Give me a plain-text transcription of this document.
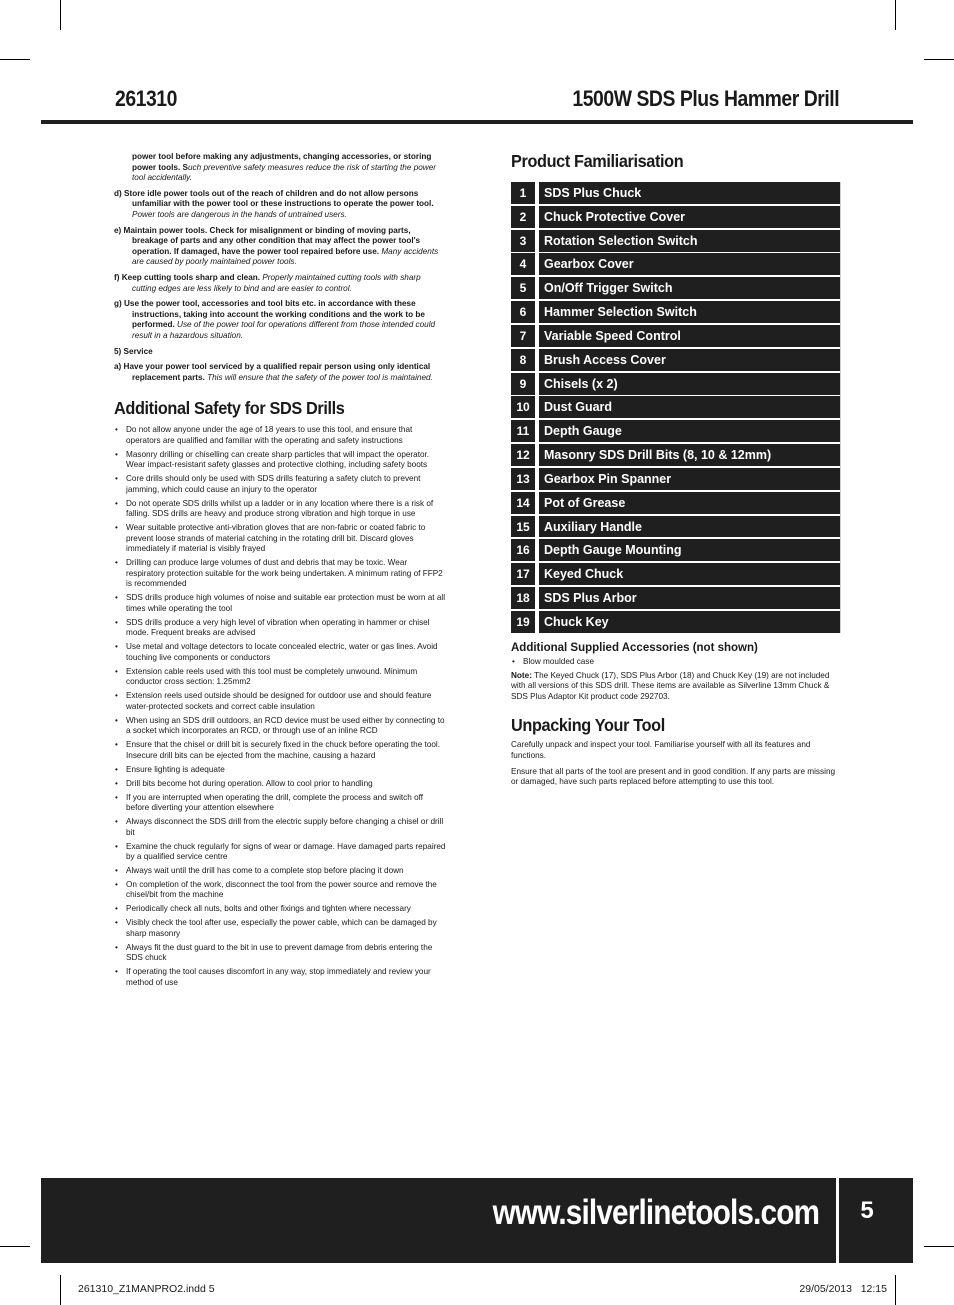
261310	1500W SDS Plus Hammer Drill

power tool before making any adjustments, changing accessories, or storing power tools. Such preventive safety measures reduce the risk of starting the power tool accidentally.

d) Store idle power tools out of the reach of children and do not allow persons unfamiliar with the power tool or these instructions to operate the power tool. Power tools are dangerous in the hands of untrained users.

e) Maintain power tools. Check for misalignment or binding of moving parts, breakage of parts and any other condition that may affect the power tool's operation. If damaged, have the power tool repaired before use. Many accidents are caused by poorly maintained power tools.

f) Keep cutting tools sharp and clean. Properly maintained cutting tools with sharp cutting edges are less likely to bind and are easier to control.

g) Use the power tool, accessories and tool bits etc. in accordance with these instructions, taking into account the working conditions and the work to be performed. Use of the power tool for operations different from those intended could result in a hazardous situation.

5) Service

a) Have your power tool serviced by a qualified repair person using only identical replacement parts. This will ensure that the safety of the power tool is maintained.

Additional Safety for SDS Drills
• Do not allow anyone under the age of 18 years to use this tool, and ensure that operators are qualified and familiar with the operating and safety instructions
• Masonry drilling or chiselling can create sharp particles that will impact the operator. Wear impact-resistant safety glasses and protective clothing, including safety boots
• Core drills should only be used with SDS drills featuring a safety clutch to prevent jamming, which could cause an injury to the operator
• Do not operate SDS drills whilst up a ladder or in any location where there is a risk of falling. SDS drills are heavy and produce strong vibration and high torque in use
• Wear suitable protective anti-vibration gloves that are non-fabric or coated fabric to prevent loose strands of material catching in the rotating drill bit. Discard gloves immediately if material is visibly frayed
• Drilling can produce large volumes of dust and debris that may be toxic. Wear respiratory protection suitable for the work being undertaken. A minimum rating of FFP2 is recommended
• SDS drills produce high volumes of noise and suitable ear protection must be worn at all times while operating the tool
• SDS drills produce a very high level of vibration when operating in hammer or chisel mode. Frequent breaks are advised
• Use metal and voltage detectors to locate concealed electric, water or gas lines. Avoid touching live components or conductors
• Extension cable reels used with this tool must be completely unwound. Minimum conductor cross section: 1.25mm2
• Extension reels used outside should be designed for outdoor use and should feature water-protected sockets and correct cable insulation
• When using an SDS drill outdoors, an RCD device must be used either by connecting to a socket which incorporates an RCD, or through use of an inline RCD
• Ensure that the chisel or drill bit is securely fixed in the chuck before operating the tool. Insecure drill bits can be ejected from the machine, causing a hazard
• Ensure lighting is adequate
• Drill bits become hot during operation. Allow to cool prior to handling
• If you are interrupted when operating the drill, complete the process and switch off before diverting your attention elsewhere
• Always disconnect the SDS drill from the electric supply before changing a chisel or drill bit
• Examine the chuck regularly for signs of wear or damage. Have damaged parts repaired by a qualified service centre
• Always wait until the drill has come to a complete stop before placing it down
• On completion of the work, disconnect the tool from the power source and remove the chisel/bit from the machine
• Periodically check all nuts, bolts and other fixings and tighten where necessary
• Visibly check the tool after use, especially the power cable, which can be damaged by sharp masonry
• Always fit the dust guard to the bit in use to prevent damage from debris entering the SDS chuck
• If operating the tool causes discomfort in any way, stop immediately and review your method of use
Product Familiarisation
1	SDS Plus Chuck
2	Chuck Protective Cover
3	Rotation Selection Switch
4	Gearbox Cover
5	On/Off Trigger Switch
6	Hammer Selection Switch
7	Variable Speed Control
8	Brush Access Cover
9	Chisels (x 2)
10	Dust Guard
11	Depth Gauge
12	Masonry SDS Drill Bits (8, 10 & 12mm)
13	Gearbox Pin Spanner
14	Pot of Grease
15	Auxiliary Handle
16	Depth Gauge Mounting
17	Keyed Chuck
18	SDS Plus Arbor
19	Chuck Key
Additional Supplied Accessories (not shown)
• Blow moulded case

Note: The Keyed Chuck (17), SDS Plus Arbor (18) and Chuck Key (19) are not included with all versions of this SDS drill. These items are available as Silverline 13mm Chuck & SDS Plus Adaptor Kit product code 292703.

Unpacking Your Tool

Carefully unpack and inspect your tool. Familiarise yourself with all its features and functions.

Ensure that all parts of the tool are present and in good condition. If any parts are missing or damaged, have such parts replaced before attempting to use this tool.

www.silverlinetools.com	5
261310_Z1MANPRO2.indd 5	29/05/2013   12:15
